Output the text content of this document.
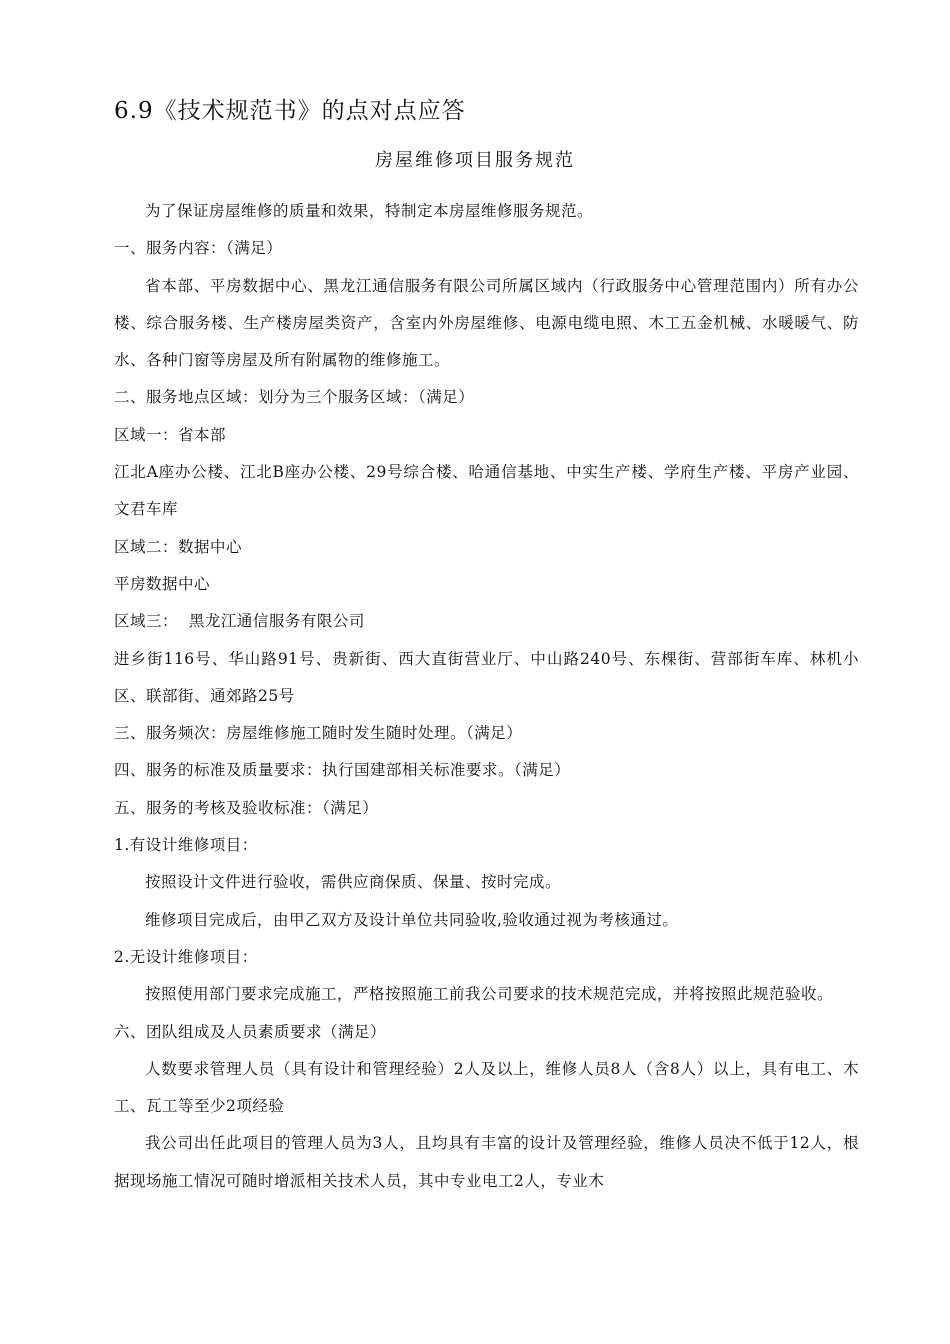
6.9《技术规范书》的点对点应答
房屋维修项目服务规范

为了保证房屋维修的质量和效果，特制定本房屋维修服务规范。

一、服务内容：（满足）

省本部、平房数据中心、黑龙江通信服务有限公司所属区域内（行政服务中心管理范围内）所有办公楼、综合服务楼、生产楼房屋类资产，含室内外房屋维修、电源电缆电照、木工五金机械、水暖暖气、防水、各种门窗等房屋及所有附属物的维修施工。

二、服务地点区域：划分为三个服务区域：（满足）

区域一：省本部

江北A座办公楼、江北B座办公楼、29号综合楼、哈通信基地、中实生产楼、学府生产楼、平房产业园、文君车库

区域二：数据中心

平房数据中心

区域三：  黑龙江通信服务有限公司

进乡街116号、华山路91号、贵新街、西大直街营业厅、中山路240号、东棵街、营部街车库、林机小区、联部街、通郊路25号

三、服务频次：房屋维修施工随时发生随时处理。（满足）

四、服务的标准及质量要求：执行国建部相关标准要求。（满足）

五、服务的考核及验收标准：（满足）

1.有设计维修项目：

按照设计文件进行验收，需供应商保质、保量、按时完成。

维修项目完成后，由甲乙双方及设计单位共同验收,验收通过视为考核通过。

2.无设计维修项目：

按照使用部门要求完成施工，严格按照施工前我公司要求的技术规范完成，并将按照此规范验收。

六、团队组成及人员素质要求（满足）

人数要求管理人员（具有设计和管理经验）2人及以上，维修人员8人（含8人）以上，具有电工、木工、瓦工等至少2项经验

我公司出任此项目的管理人员为3人，且均具有丰富的设计及管理经验，维修人员决不低于12人，根据现场施工情况可随时增派相关技术人员，其中专业电工2人，专业木
